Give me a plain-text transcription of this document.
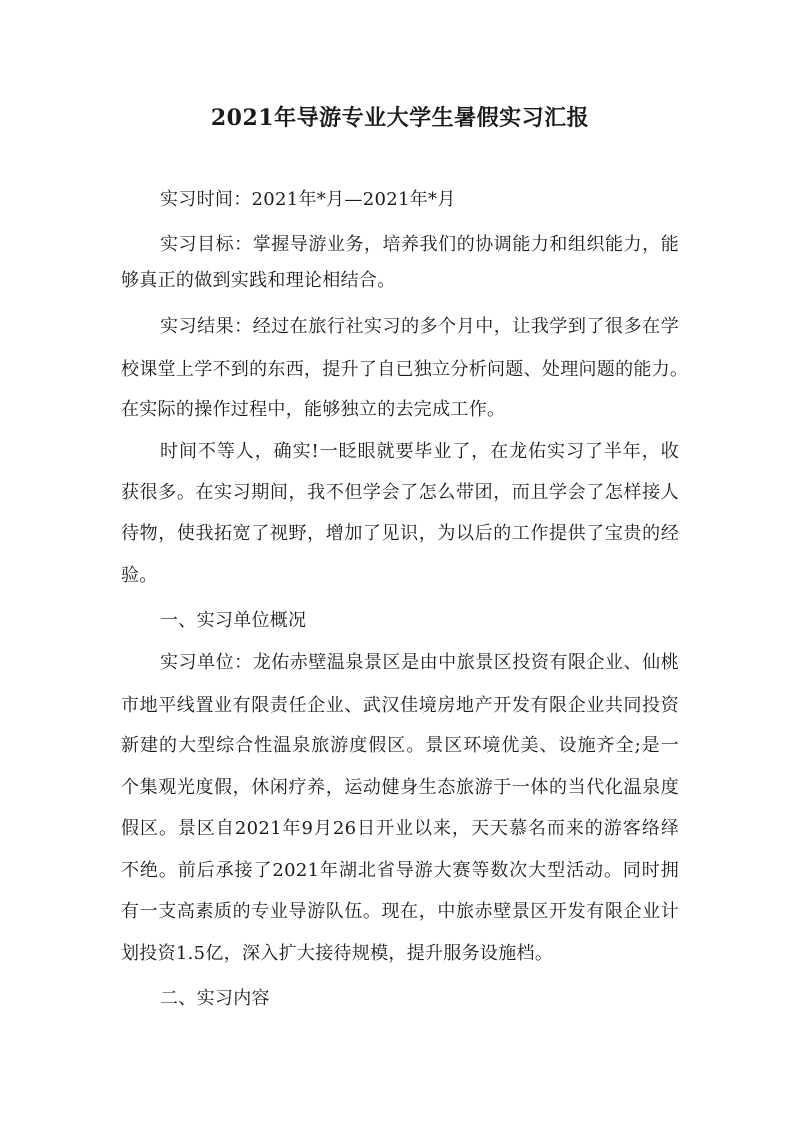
2021年导游专业大学生暑假实习汇报
实习时间：2021年*月—2021年*月
实习目标：掌握导游业务，培养我们的协调能力和组织能力，能
够真正的做到实践和理论相结合。
实习结果：经过在旅行社实习的多个月中，让我学到了很多在学
校课堂上学不到的东西，提升了自已独立分析问题、处理问题的能力。
在实际的操作过程中，能够独立的去完成工作。
时间不等人，确实!一眨眼就要毕业了，在龙佑实习了半年，收
获很多。在实习期间，我不但学会了怎么带团，而且学会了怎样接人
待物，使我拓宽了视野，增加了见识，为以后的工作提供了宝贵的经
验。
一、实习单位概况
实习单位：龙佑赤壁温泉景区是由中旅景区投资有限企业、仙桃
市地平线置业有限责任企业、武汉佳境房地产开发有限企业共同投资
新建的大型综合性温泉旅游度假区。景区环境优美、设施齐全;是一
个集观光度假，休闲疗养，运动健身生态旅游于一体的当代化温泉度
假区。景区自2021年9月26日开业以来，天天慕名而来的游客络绎
不绝。前后承接了2021年湖北省导游大赛等数次大型活动。同时拥
有一支高素质的专业导游队伍。现在，中旅赤壁景区开发有限企业计
划投资1.5亿，深入扩大接待规模，提升服务设施档。
二、实习内容
